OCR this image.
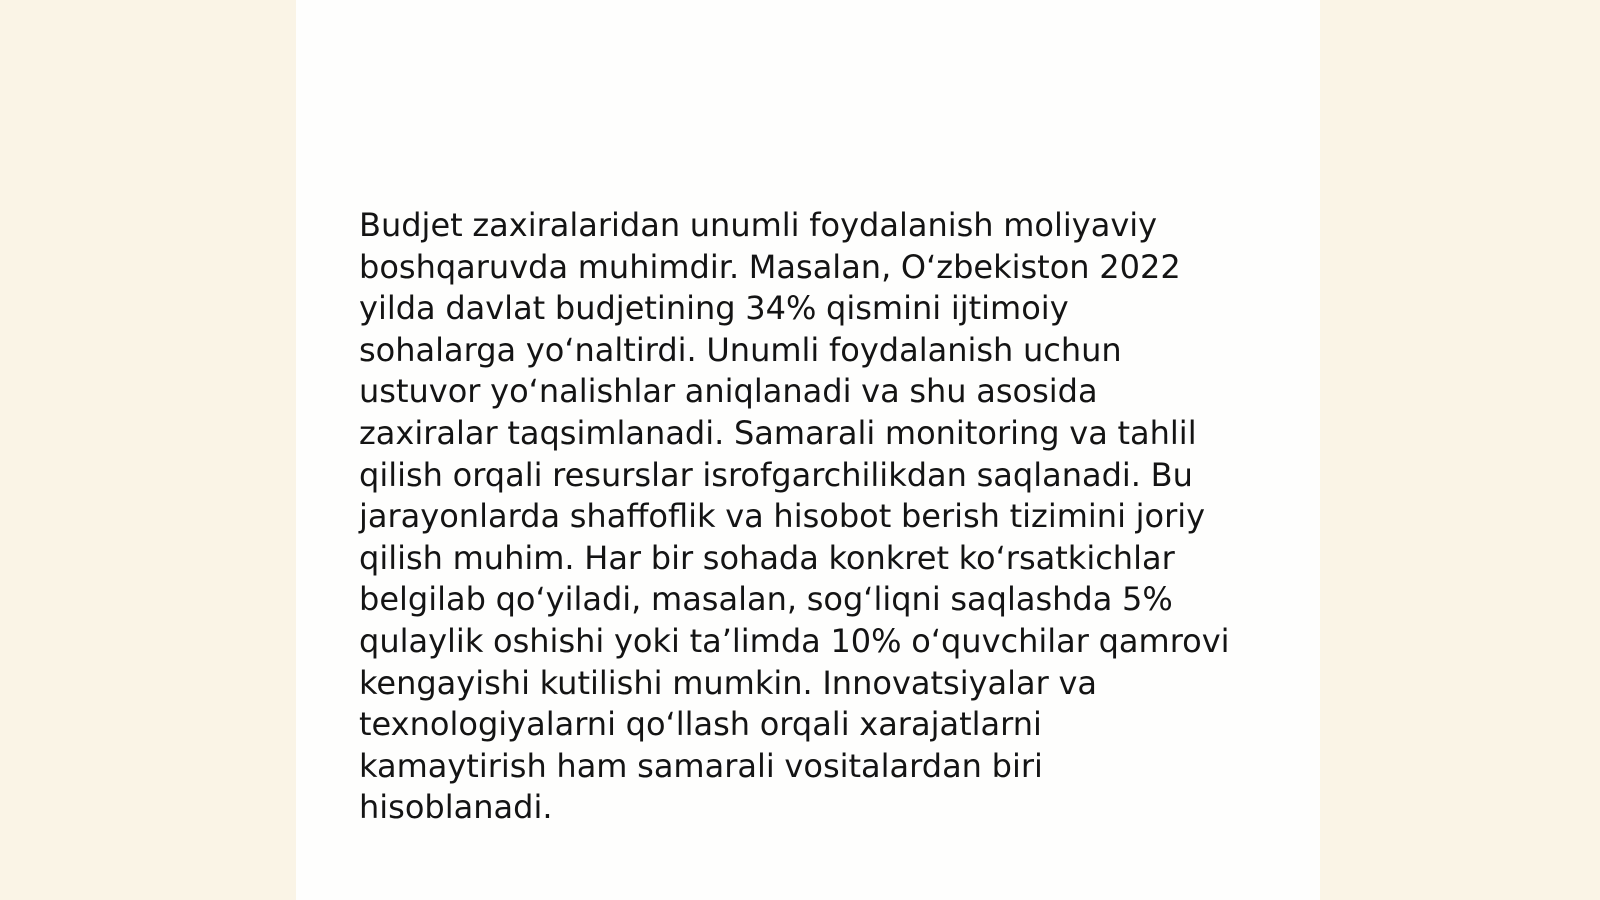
Budjet zaxiralaridan unumli foydalanish moliyaviy
boshqaruvda muhimdir. Masalan, O‘zbekiston 2022
yilda davlat budjetining 34% qismini ijtimoiy
sohalarga yo‘naltirdi. Unumli foydalanish uchun
ustuvor yo‘nalishlar aniqlanadi va shu asosida
zaxiralar taqsimlanadi. Samarali monitoring va tahlil
qilish orqali resurslar isrofgarchilikdan saqlanadi. Bu
jarayonlarda shaffoflik va hisobot berish tizimini joriy
qilish muhim. Har bir sohada konkret ko‘rsatkichlar
belgilab qo‘yiladi, masalan, sog‘liqni saqlashda 5%
qulaylik oshishi yoki ta’limda 10% o‘quvchilar qamrovi
kengayishi kutilishi mumkin. Innovatsiyalar va
texnologiyalarni qo‘llash orqali xarajatlarni
kamaytirish ham samarali vositalardan biri
hisoblanadi.
